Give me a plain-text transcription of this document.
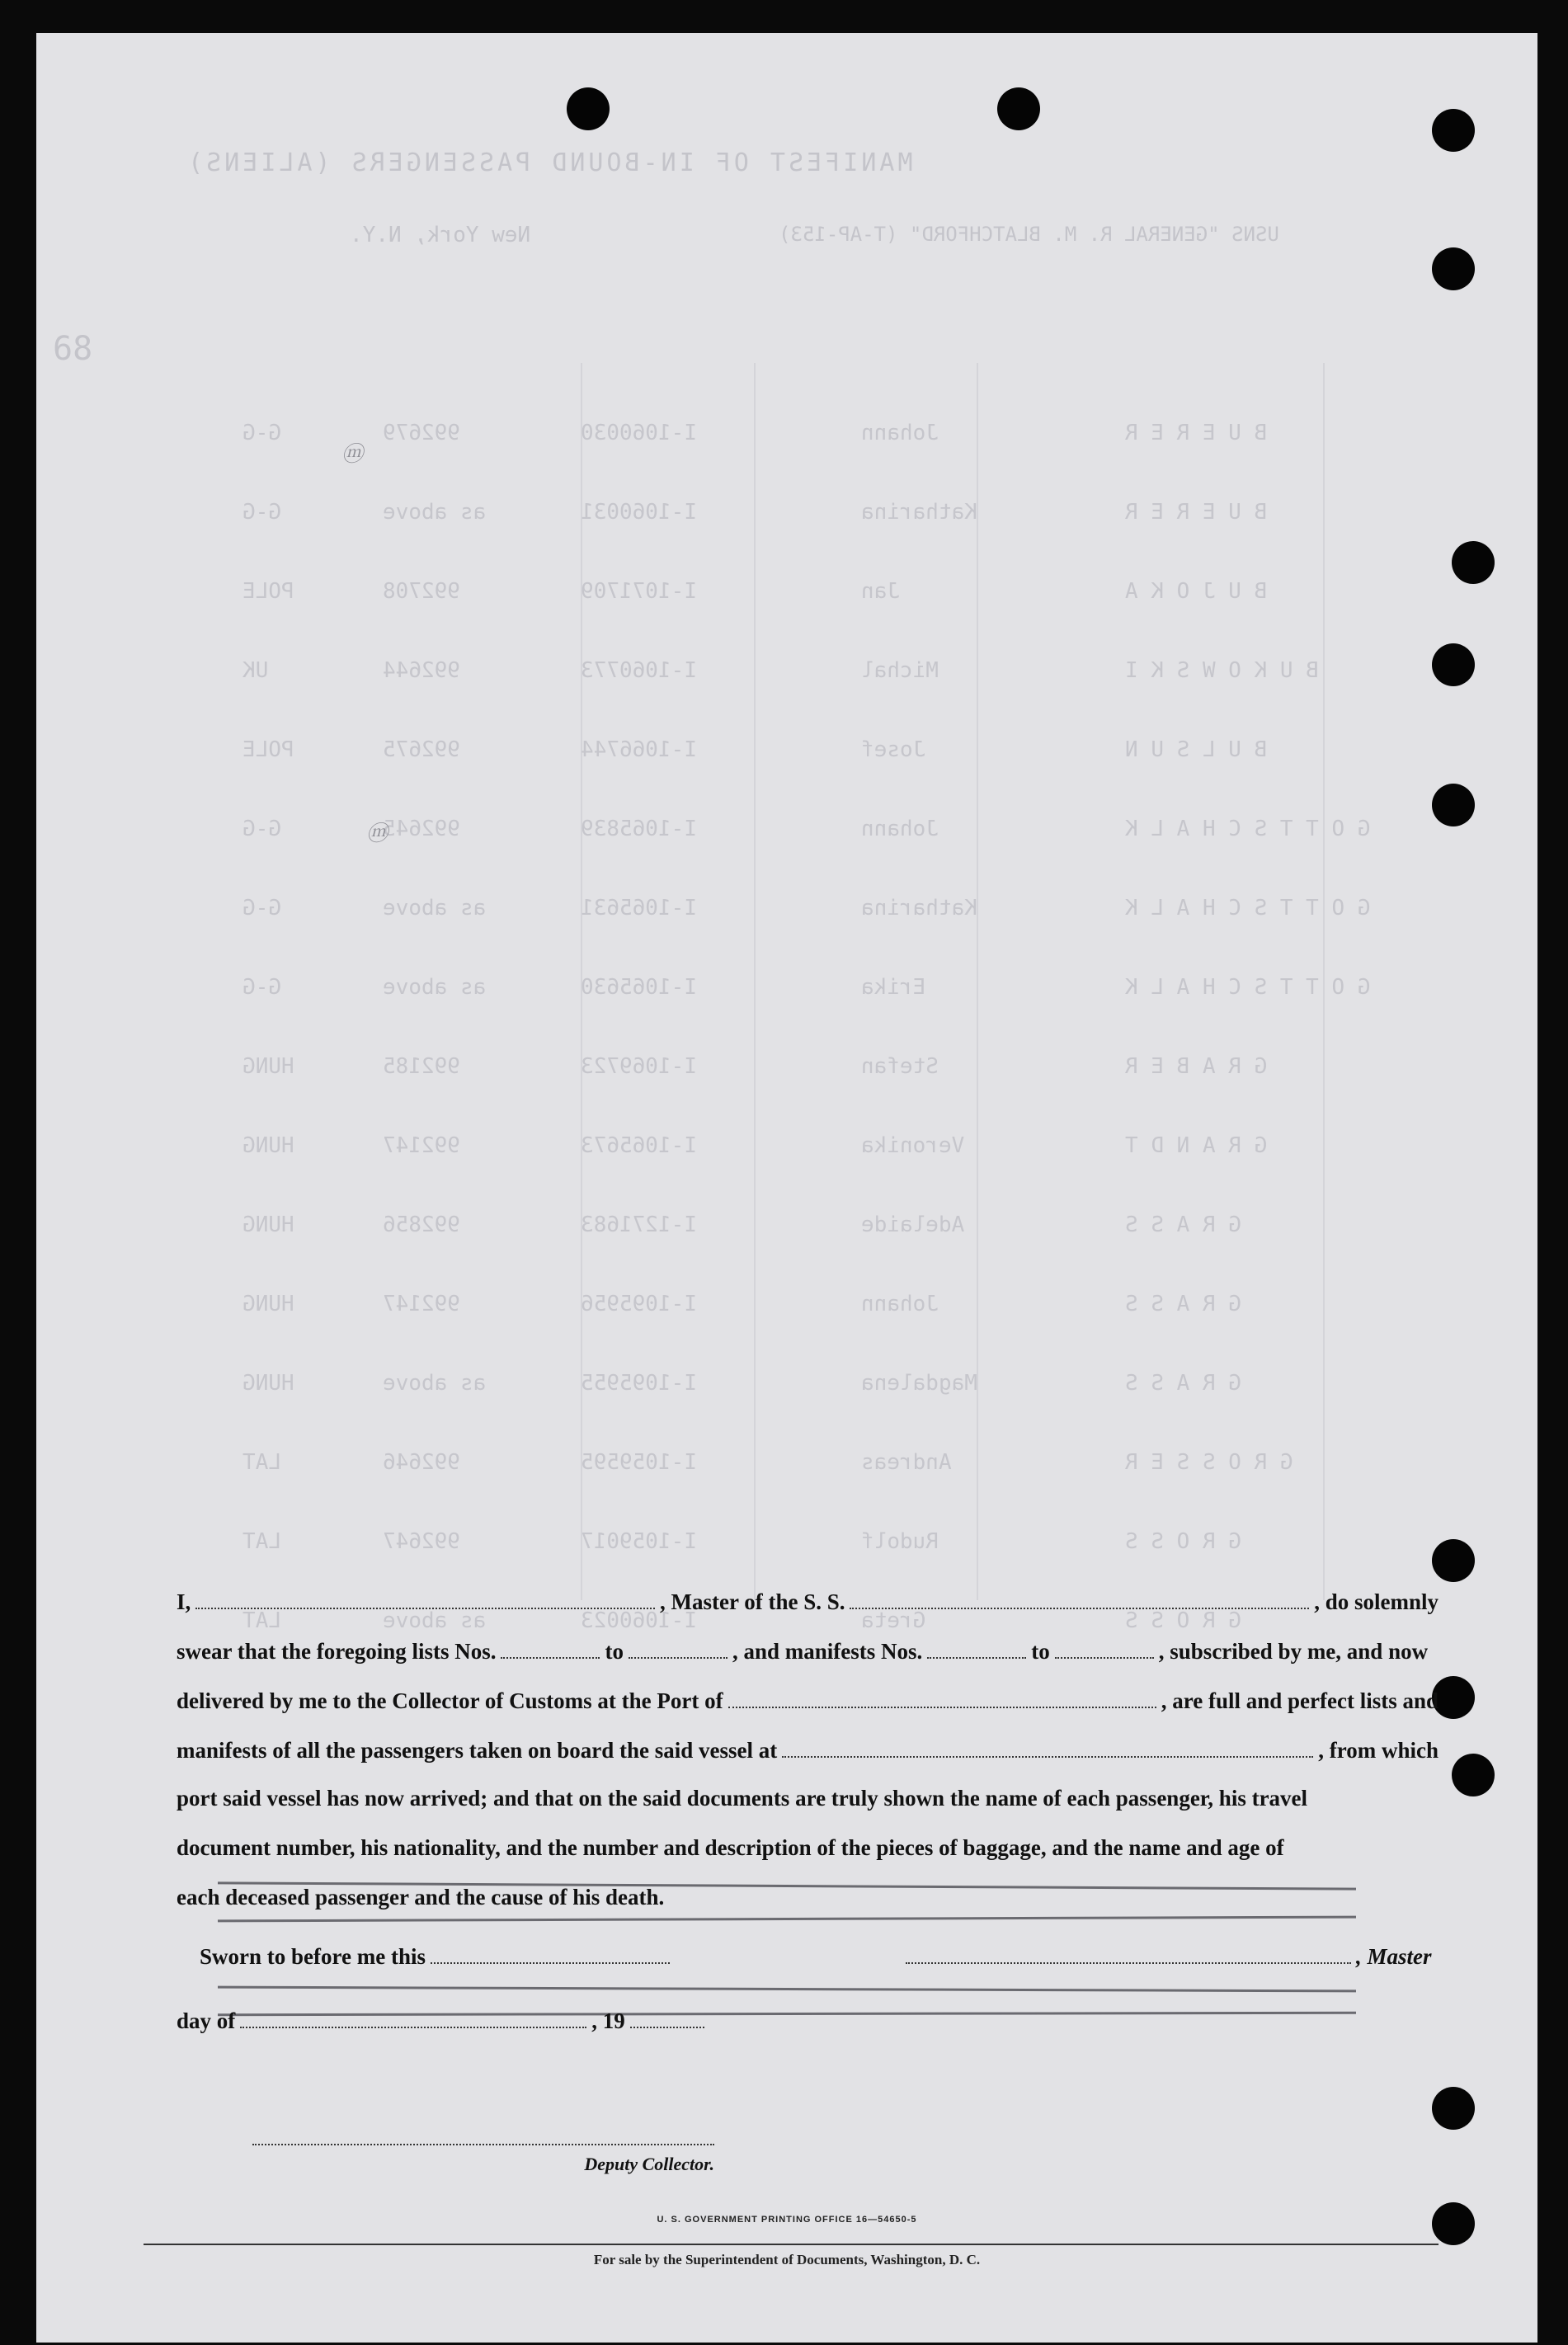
MANIFEST OF IN-BOUND PASSENGERS (ALIENS)
New York, N.Y.	USNS "GENERAL R. M. BLATCHFORD" (T-AP-153)
68
G-G	992679	I-1060030	Johann	B U E R E R
G-G	as above	I-1060031	Katharina	B U E R E R
POLE	992708	I-1071709	Jan	B U J O K A
UK	992644	I-1060773	Michal	B U K O W S K I
POLE	992675	I-1066744	Josef	B U L S U N
G-G	992645	I-1065839	Johann	G O T T S C H A L K
G-G	as above	I-1065631	Katharina	G O T T S C H A L K
G-G	as above	I-1065630	Erika	G O T T S C H A L K
HUNG	992185	I-1069723	Stefan	G R A B E R
HUNG	992147	I-1065673	Veronika	G R A N D T
HUNG	992856	I-1271683	Adelaide	G R A S S
HUNG	992147	I-1095956	Johann	G R A S S
HUNG	as above	I-1095955	Magdalena	G R A S S
LAT	992646	I-1059595	Andreas	G R O S S E R
LAT	992647	I-1059017	Rudolf	G R O S S
LAT	as above	I-1060023	Greta	G R O S S
ⓜ
ⓜ
I,	, Master of the S. S.	, do solemnly
swear that the foregoing lists Nos.	to	, and manifests Nos.	to	, subscribed by me, and now
delivered by me to the Collector of Customs at the Port of	, are full and perfect lists and
manifests of all the passengers taken on board the said vessel at	, from which
port said vessel has now arrived; and that on the said documents are truly shown the name of each passenger, his travel
document number, his nationality, and the number and description of the pieces of baggage, and the name and age of
each deceased passenger and the cause of his death.
Sworn to before me this	, Master
day of	, 19
Deputy Collector.
U. S. GOVERNMENT PRINTING OFFICE 16—54650-5
For sale by the Superintendent of Documents, Washington, D. C.
